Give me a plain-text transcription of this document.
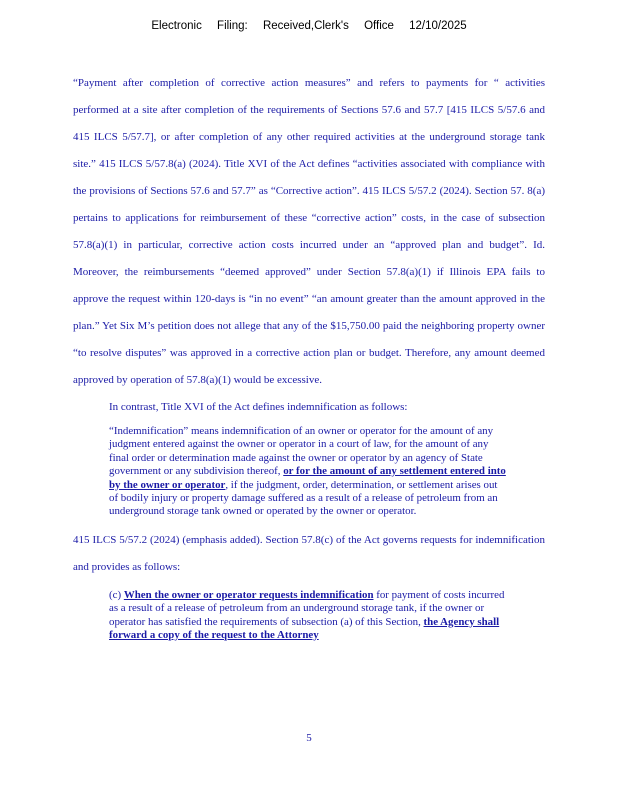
Electronic Filing: Received,Clerk's Office 12/10/2025

“Payment after completion of corrective action measures” and refers to payments for “ activities performed at a site after completion of the requirements of Sections 57.6 and 57.7 [415 ILCS 5/57.6 and 415 ILCS 5/57.7], or after completion of any other required activities at the underground storage tank site.” 415 ILCS 5/57.8(a) (2024). Title XVI of the Act defines “activities associated with compliance with the provisions of Sections 57.6 and 57.7” as “Corrective action”. 415 ILCS 5/57.2 (2024). Section 57. 8(a) pertains to applications for reimbursement of these “corrective action” costs, in the case of subsection 57.8(a)(1) in particular, corrective action costs incurred under an “approved plan and budget”. Id. Moreover, the reimbursements “deemed approved” under Section 57.8(a)(1) if Illinois EPA fails to approve the request within 120-days is “in no event” “an amount greater than the amount approved in the plan.” Yet Six M’s petition does not allege that any of the $15,750.00 paid the neighboring property owner “to resolve disputes” was approved in a corrective action plan or budget. Therefore, any amount deemed approved by operation of 57.8(a)(1) would be excessive.

In contrast, Title XVI of the Act defines indemnification as follows:

“Indemnification” means indemnification of an owner or operator for the amount of any judgment entered against the owner or operator in a court of law, for the amount of any final order or determination made against the owner or operator by an agency of State government or any subdivision thereof, or for the amount of any settlement entered into by the owner or operator, if the judgment, order, determination, or settlement arises out of bodily injury or property damage suffered as a result of a release of petroleum from an underground storage tank owned or operated by the owner or operator.

415 ILCS 5/57.2 (2024) (emphasis added). Section 57.8(c) of the Act governs requests for indemnification and provides as follows:

(c) When the owner or operator requests indemnification for payment of costs incurred as a result of a release of petroleum from an underground storage tank, if the owner or operator has satisfied the requirements of subsection (a) of this Section, the Agency shall forward a copy of the request to the Attorney
5
